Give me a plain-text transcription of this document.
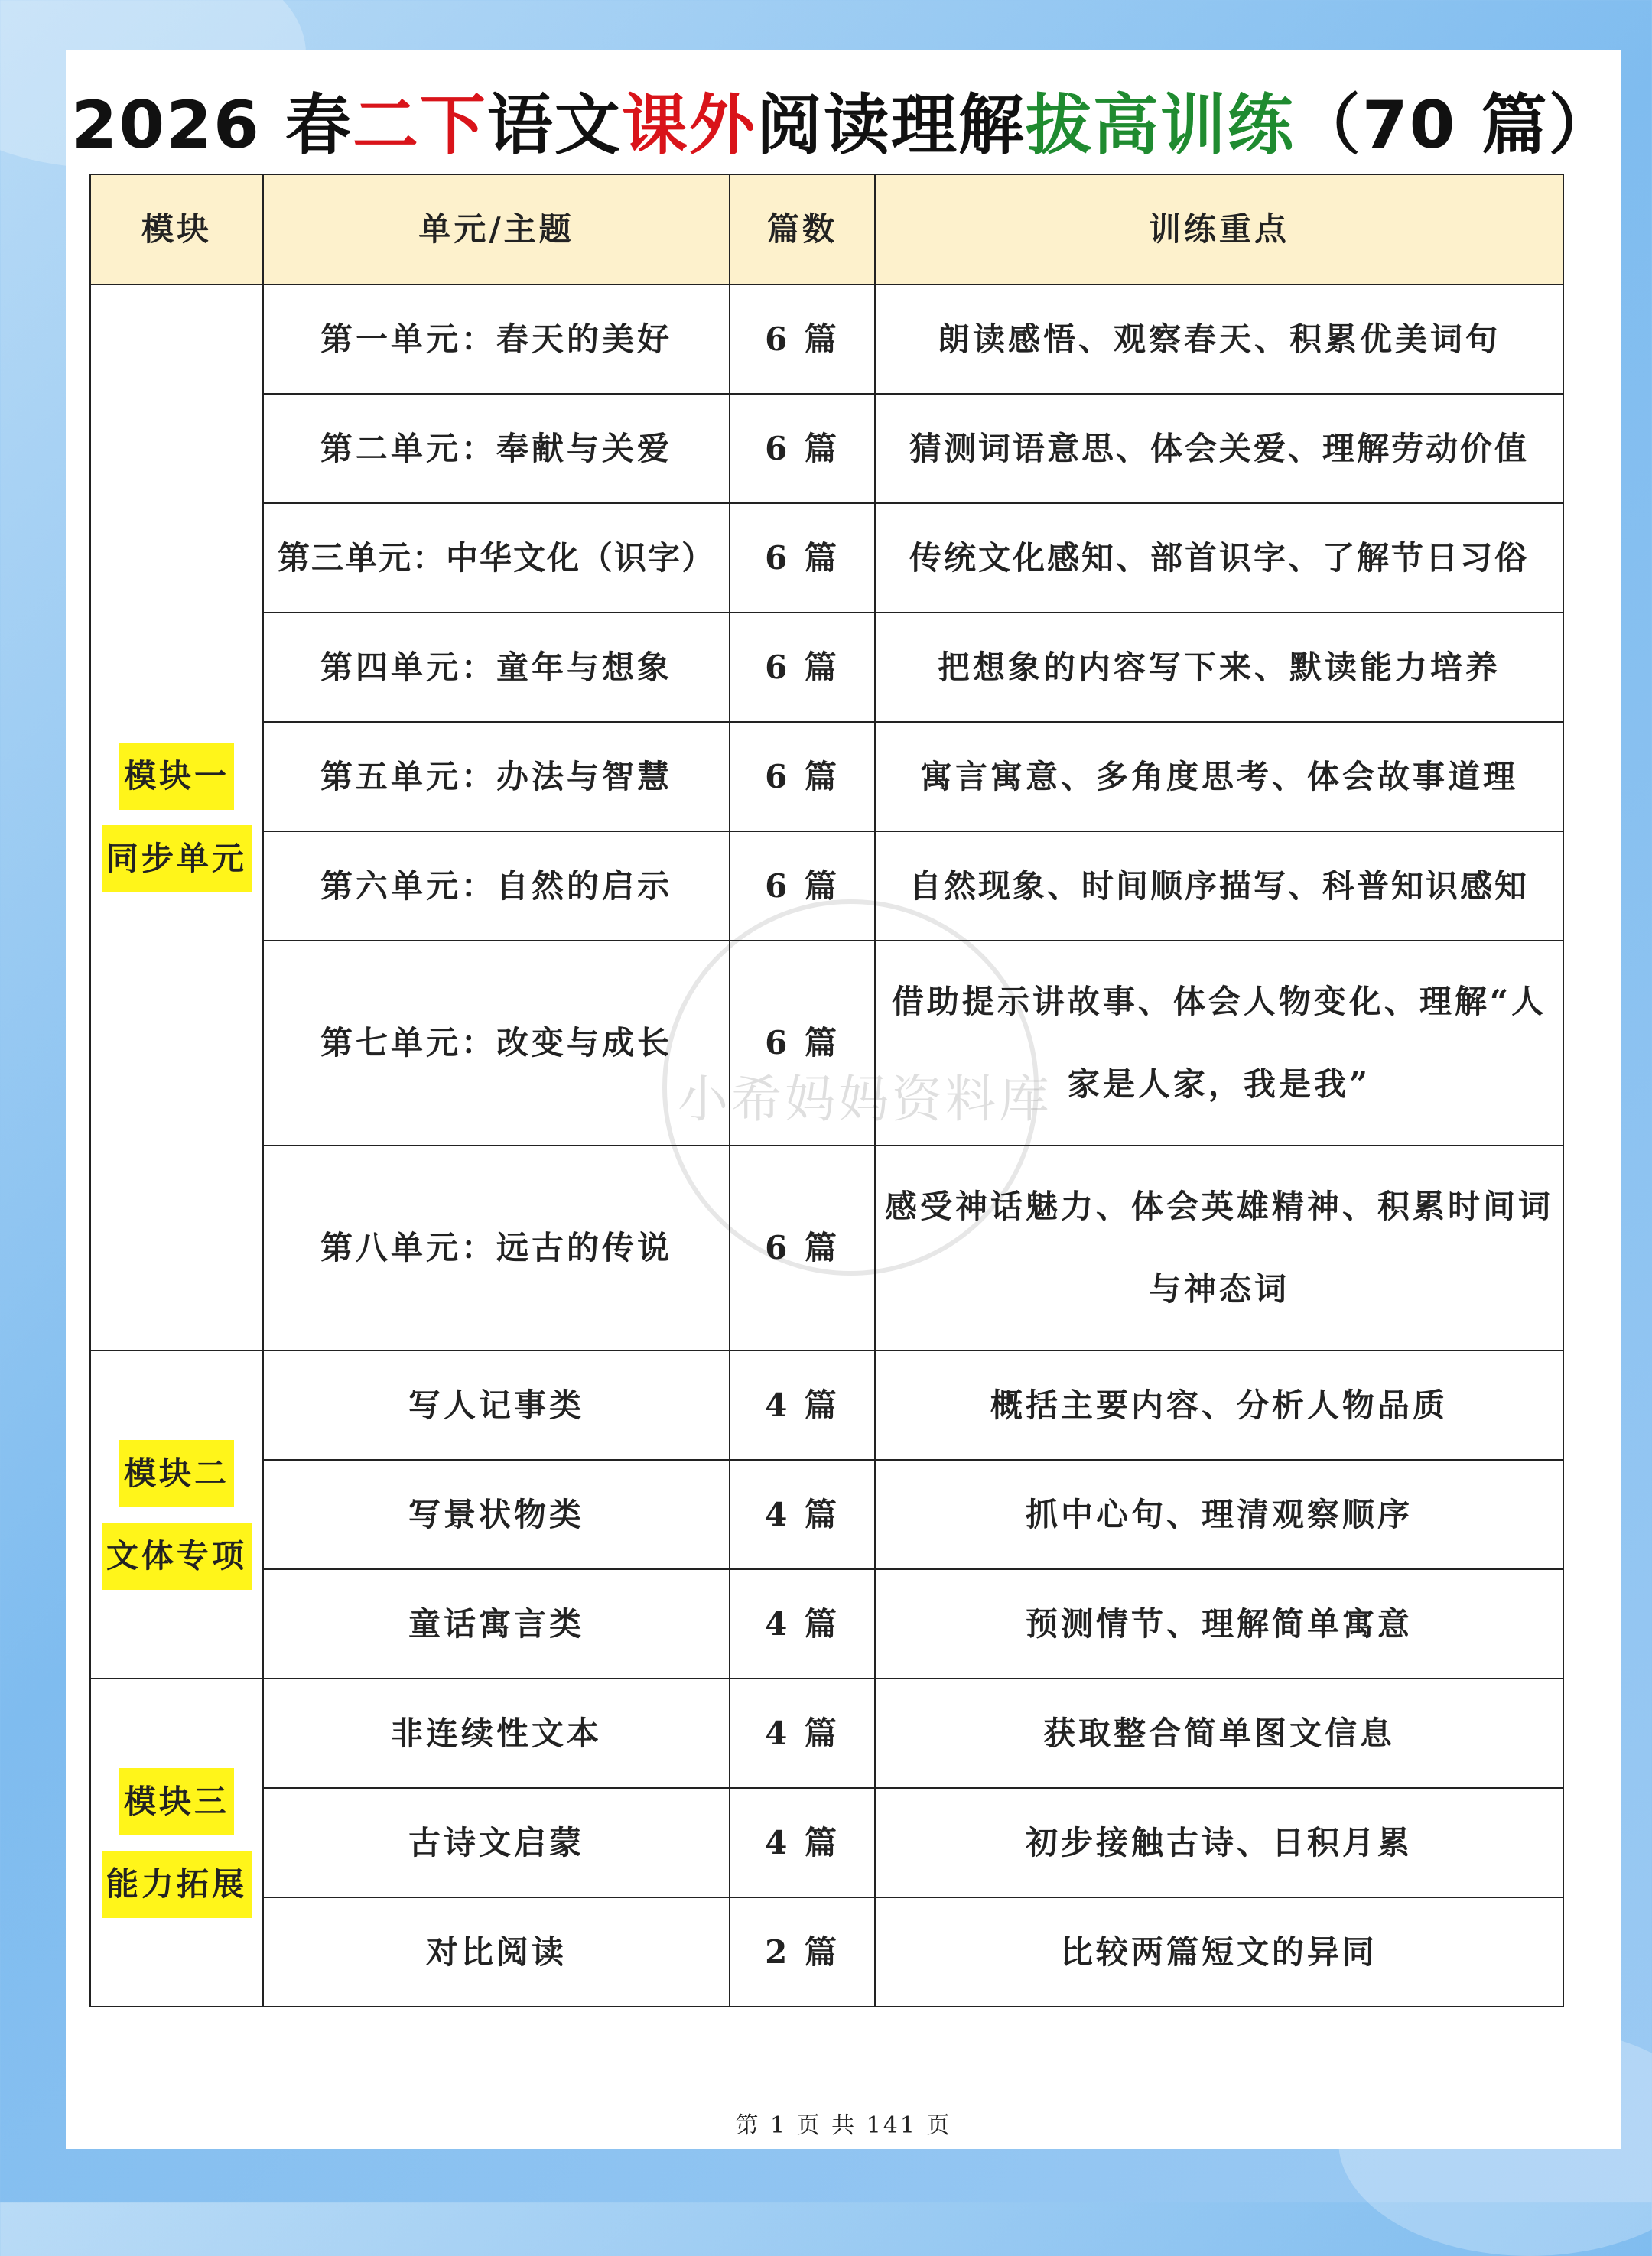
2026 春二下语文课外阅读理解拔高训练（70 篇）
小希妈妈资料库
模块	单元/主题	篇数	训练重点
模块一
同步单元	第一单元：春天的美好	6 篇	朗读感悟、观察春天、积累优美词句
	第二单元：奉献与关爱	6 篇	猜测词语意思、体会关爱、理解劳动价值
	第三单元：中华文化（识字）	6 篇	传统文化感知、部首识字、了解节日习俗
	第四单元：童年与想象	6 篇	把想象的内容写下来、默读能力培养
	第五单元：办法与智慧	6 篇	寓言寓意、多角度思考、体会故事道理
	第六单元：自然的启示	6 篇	自然现象、时间顺序描写、科普知识感知
	第七单元：改变与成长	6 篇	借助提示讲故事、体会人物变化、理解“人家是人家，我是我”
	第八单元：远古的传说	6 篇	感受神话魅力、体会英雄精神、积累时间词与神态词
模块二
文体专项	写人记事类	4 篇	概括主要内容、分析人物品质
	写景状物类	4 篇	抓中心句、理清观察顺序
	童话寓言类	4 篇	预测情节、理解简单寓意
模块三
能力拓展	非连续性文本	4 篇	获取整合简单图文信息
	古诗文启蒙	4 篇	初步接触古诗、日积月累
	对比阅读	2 篇	比较两篇短文的异同
第 1 页 共 141 页
